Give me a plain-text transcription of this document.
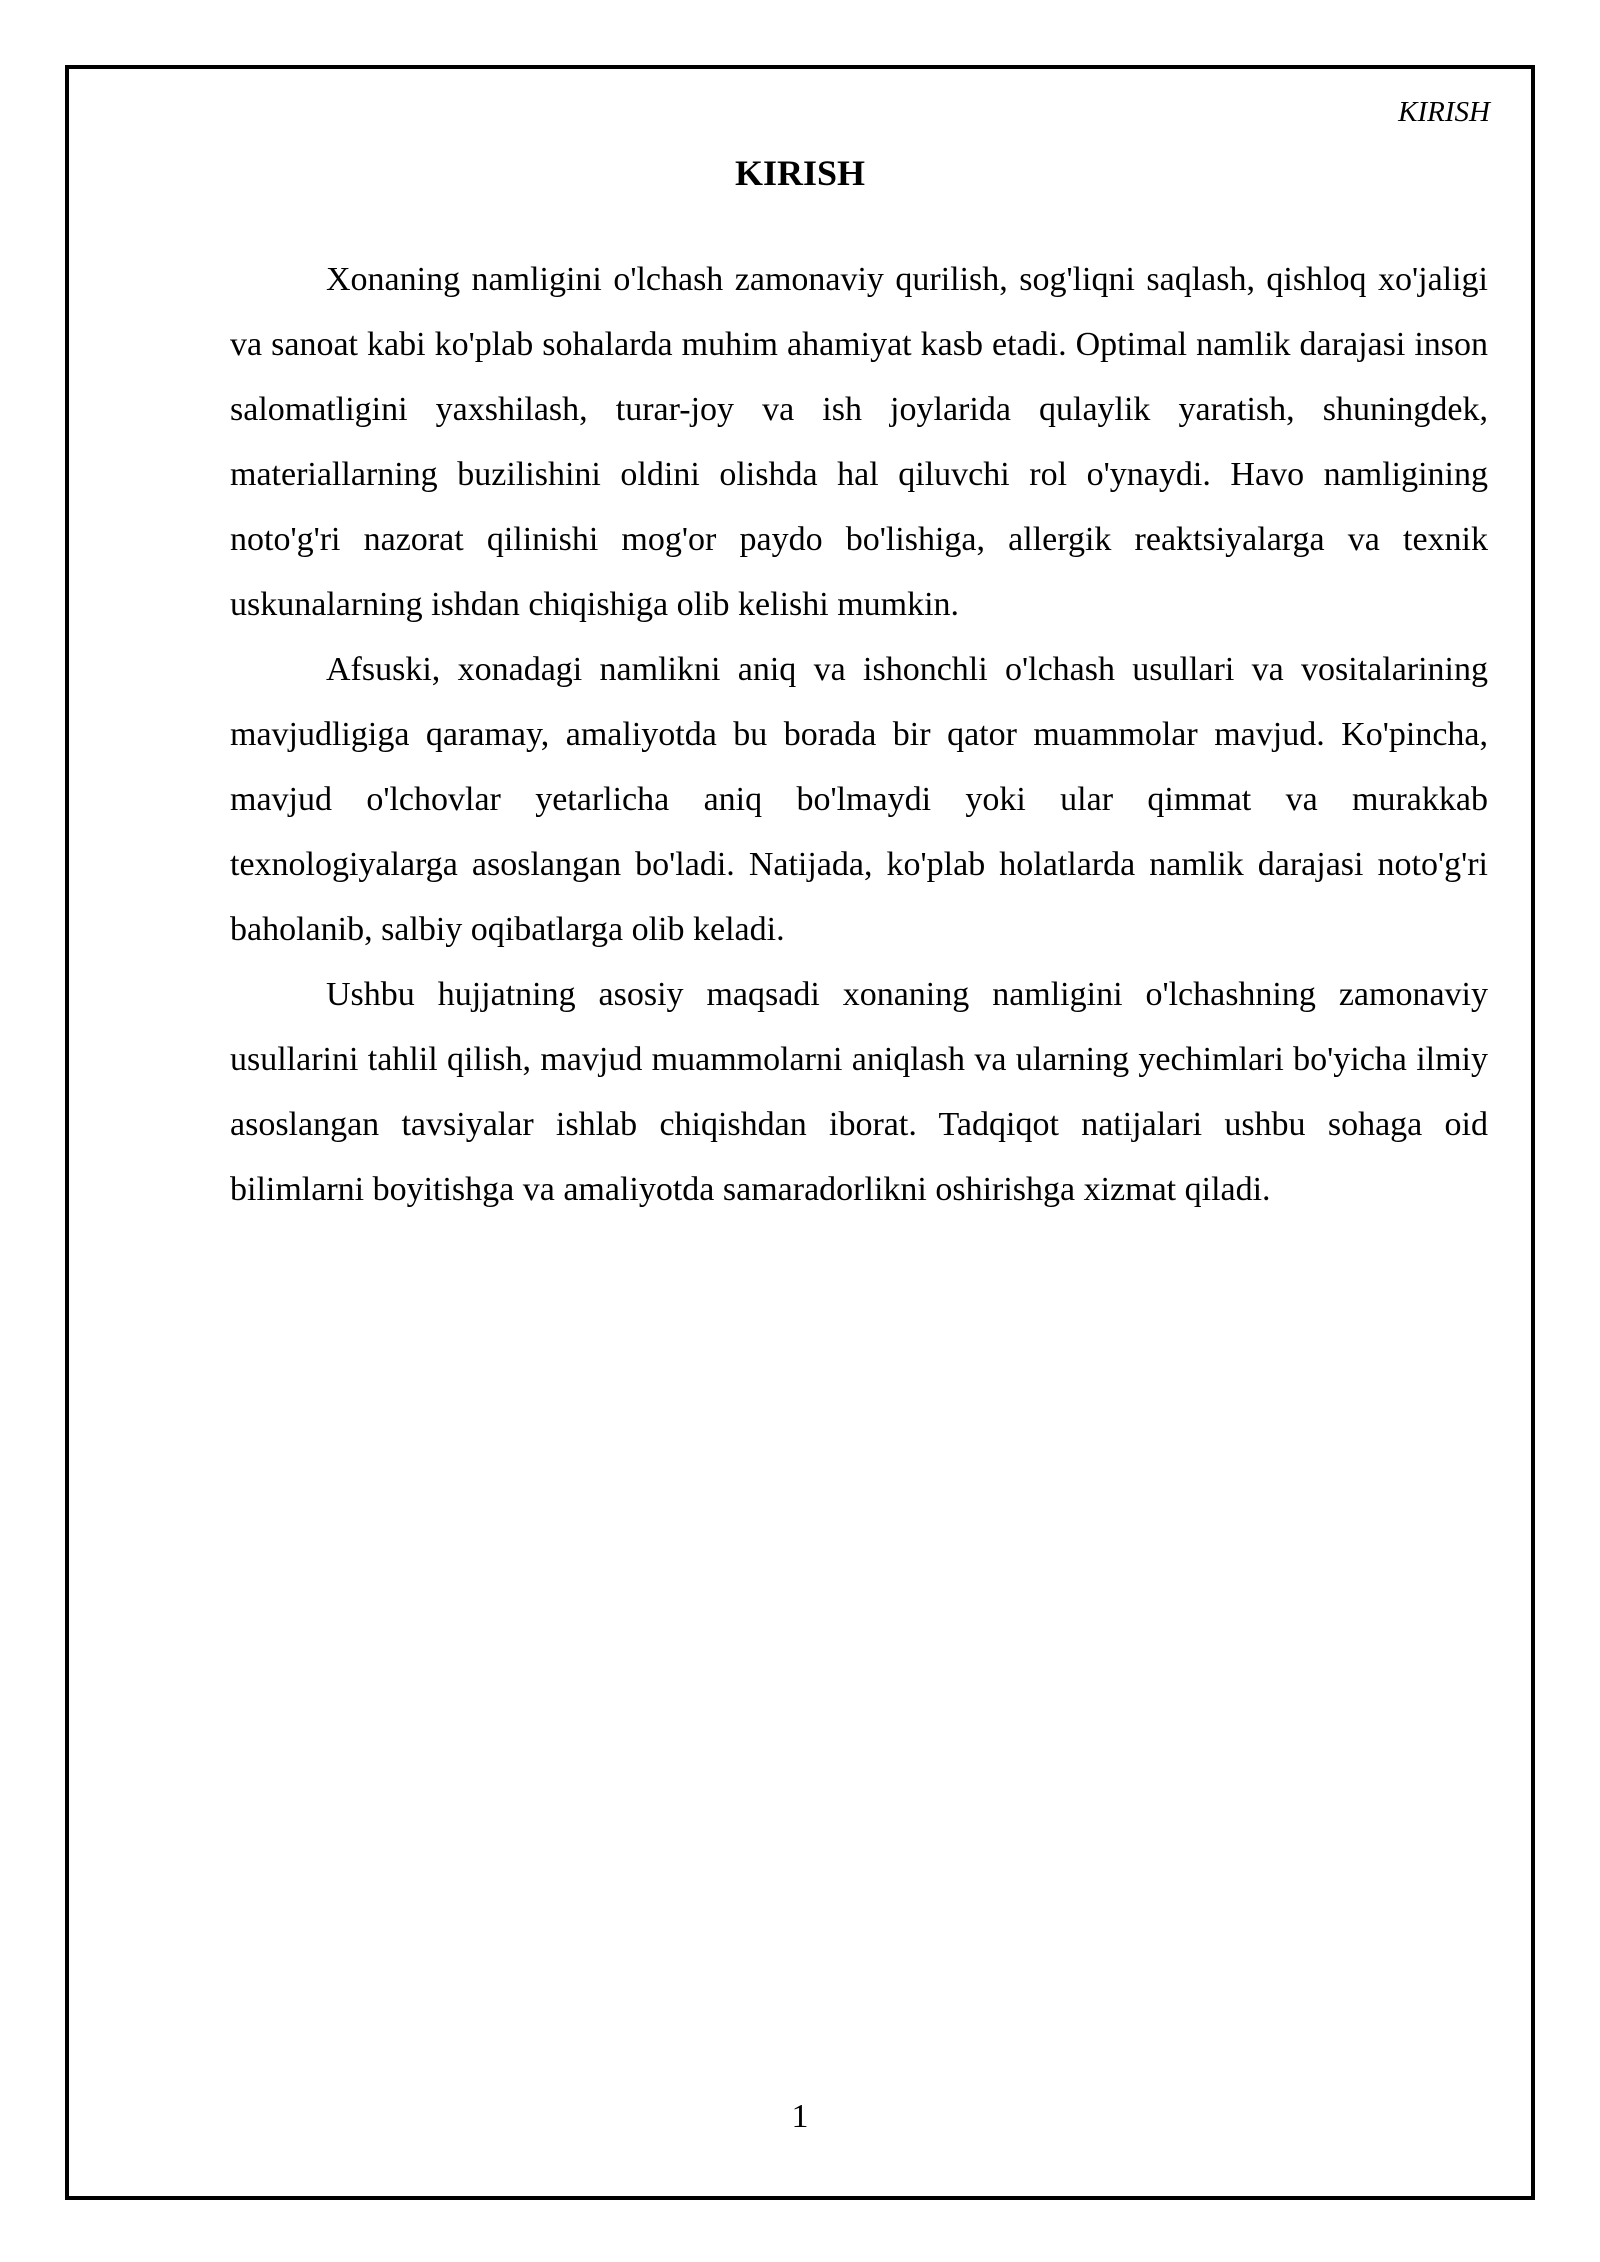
KIRISH
KIRISH

Xonaning namligini o'lchash zamonaviy qurilish, sog'liqni saqlash, qishloq xo'jaligi va sanoat kabi ko'plab sohalarda muhim ahamiyat kasb etadi. Optimal namlik darajasi inson salomatligini yaxshilash, turar-joy va ish joylarida qulaylik yaratish, shuningdek, materiallarning buzilishini oldini olishda hal qiluvchi rol o'ynaydi. Havo namligining noto'g'ri nazorat qilinishi mog'or paydo bo'lishiga, allergik reaktsiyalarga va texnik uskunalarning ishdan chiqishiga olib kelishi mumkin.

Afsuski, xonadagi namlikni aniq va ishonchli o'lchash usullari va vositalarining mavjudligiga qaramay, amaliyotda bu borada bir qator muammolar mavjud. Ko'pincha, mavjud o'lchovlar yetarlicha aniq bo'lmaydi yoki ular qimmat va murakkab texnologiyalarga asoslangan bo'ladi. Natijada, ko'plab holatlarda namlik darajasi noto'g'ri baholanib, salbiy oqibatlarga olib keladi.

Ushbu hujjatning asosiy maqsadi xonaning namligini o'lchashning zamonaviy usullarini tahlil qilish, mavjud muammolarni aniqlash va ularning yechimlari bo'yicha ilmiy asoslangan tavsiyalar ishlab chiqishdan iborat. Tadqiqot natijalari ushbu sohaga oid bilimlarni boyitishga va amaliyotda samaradorlikni oshirishga xizmat qiladi.

1
